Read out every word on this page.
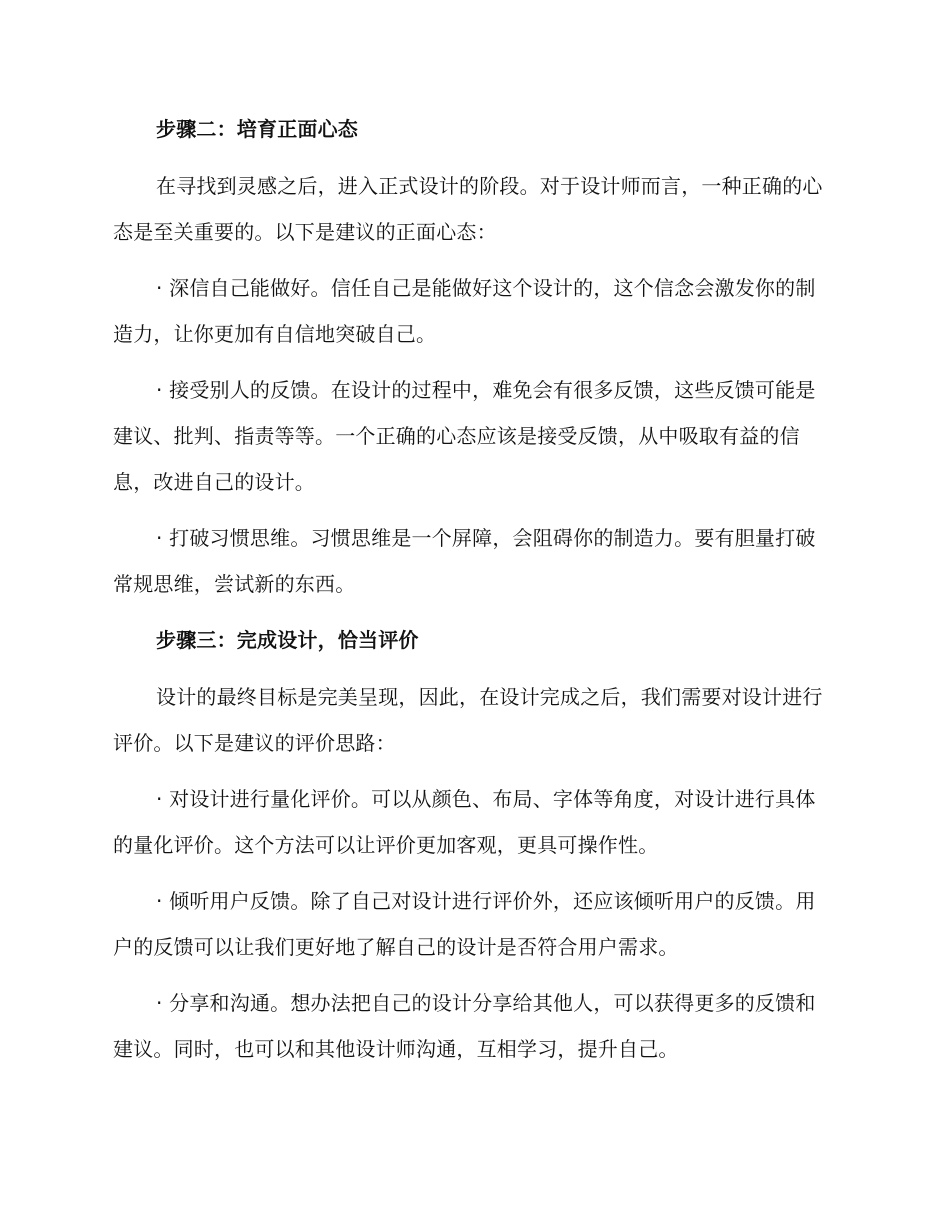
步骤二：培育正面心态

在寻找到灵感之后，进入正式设计的阶段。对于设计师而言，一种正确的心态是至关重要的。以下是建议的正面心态：

· 深信自己能做好。信任自己是能做好这个设计的，这个信念会激发你的制造力，让你更加有自信地突破自己。

· 接受别人的反馈。在设计的过程中，难免会有很多反馈，这些反馈可能是建议、批判、指责等等。一个正确的心态应该是接受反馈，从中吸取有益的信息，改进自己的设计。

· 打破习惯思维。习惯思维是一个屏障，会阻碍你的制造力。要有胆量打破常规思维，尝试新的东西。

步骤三：完成设计，恰当评价

设计的最终目标是完美呈现，因此，在设计完成之后，我们需要对设计进行评价。以下是建议的评价思路：

· 对设计进行量化评价。可以从颜色、布局、字体等角度，对设计进行具体的量化评价。这个方法可以让评价更加客观，更具可操作性。

· 倾听用户反馈。除了自己对设计进行评价外，还应该倾听用户的反馈。用户的反馈可以让我们更好地了解自己的设计是否符合用户需求。

· 分享和沟通。想办法把自己的设计分享给其他人，可以获得更多的反馈和建议。同时，也可以和其他设计师沟通，互相学习，提升自己。
